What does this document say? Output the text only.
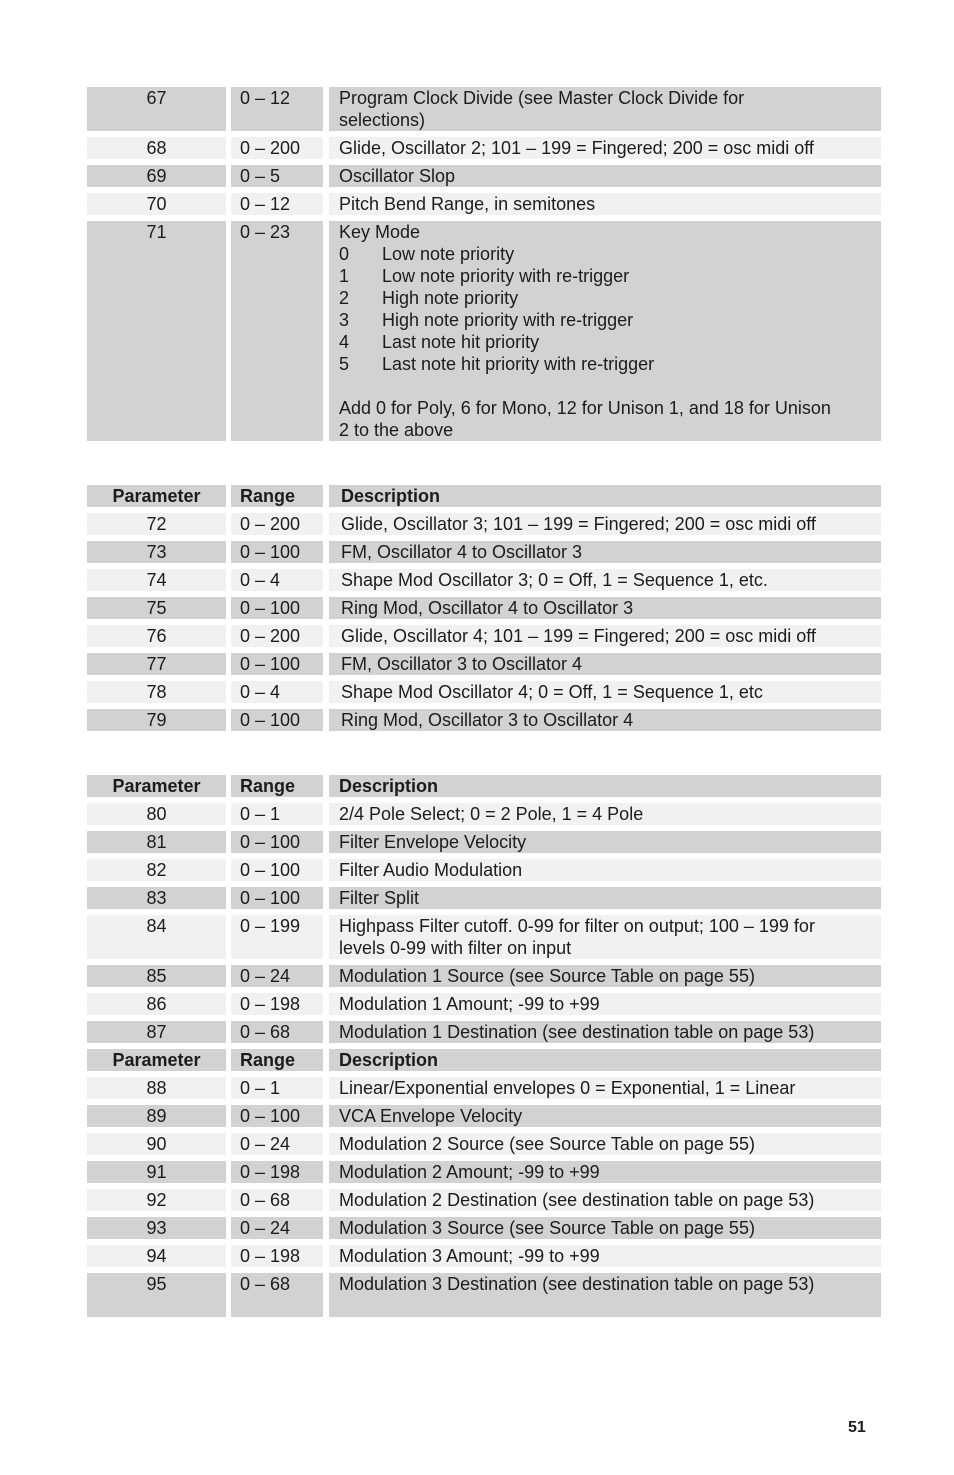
67	0 – 12	Program Clock Divide (see Master Clock Divide for
selections)
68	0 – 200	Glide, Oscillator 2; 101 – 199 = Fingered; 200 = osc midi off
69	0 – 5	Oscillator Slop
70	0 – 12	Pitch Bend Range, in semitones
71	0 – 23	Key Mode
0	Low note priority
1	Low note priority with re-trigger
2	High note priority
3	High note priority with re-trigger
4	Last note hit priority
5	Last note hit priority with re-trigger
Add 0 for Poly, 6 for Mono, 12 for Unison 1, and 18 for Unison
2 to the above
Parameter	Range	Description
72	0 – 200	Glide, Oscillator 3; 101 – 199 = Fingered; 200 = osc midi off
73	0 – 100	FM, Oscillator 4 to Oscillator 3
74	0 – 4	Shape Mod Oscillator 3; 0 = Off, 1 = Sequence 1, etc.
75	0 – 100	Ring Mod, Oscillator 4 to Oscillator 3
76	0 – 200	Glide, Oscillator 4; 101 – 199 = Fingered; 200 = osc midi off
77	0 – 100	FM, Oscillator 3 to Oscillator 4
78	0 – 4	Shape Mod Oscillator 4; 0 = Off, 1 = Sequence 1, etc
79	0 – 100	Ring Mod, Oscillator 3 to Oscillator 4
Parameter	Range	Description
80	0 – 1	2/4 Pole Select; 0 = 2 Pole, 1 = 4 Pole
81	0 – 100	Filter Envelope Velocity
82	0 – 100	Filter Audio Modulation
83	0 – 100	Filter Split
84	0 – 199	Highpass Filter cutoff. 0-99 for filter on output; 100 – 199 for
levels 0-99 with filter on input
85	0 – 24	Modulation 1 Source (see Source Table on page 55)
86	0 – 198	Modulation 1 Amount; -99 to +99
87	0 – 68	Modulation 1 Destination (see destination table on page 53)
Parameter	Range	Description
88	0 – 1	Linear/Exponential envelopes 0 = Exponential, 1 = Linear
89	0 – 100	VCA Envelope Velocity
90	0 – 24	Modulation 2 Source (see Source Table on page 55)
91	0 – 198	Modulation 2 Amount; -99 to +99
92	0 – 68	Modulation 2 Destination (see destination table on page 53)
93	0 – 24	Modulation 3 Source (see Source Table on page 55)
94	0 – 198	Modulation 3 Amount; -99 to +99
95	0 – 68	Modulation 3 Destination (see destination table on page 53)
51
